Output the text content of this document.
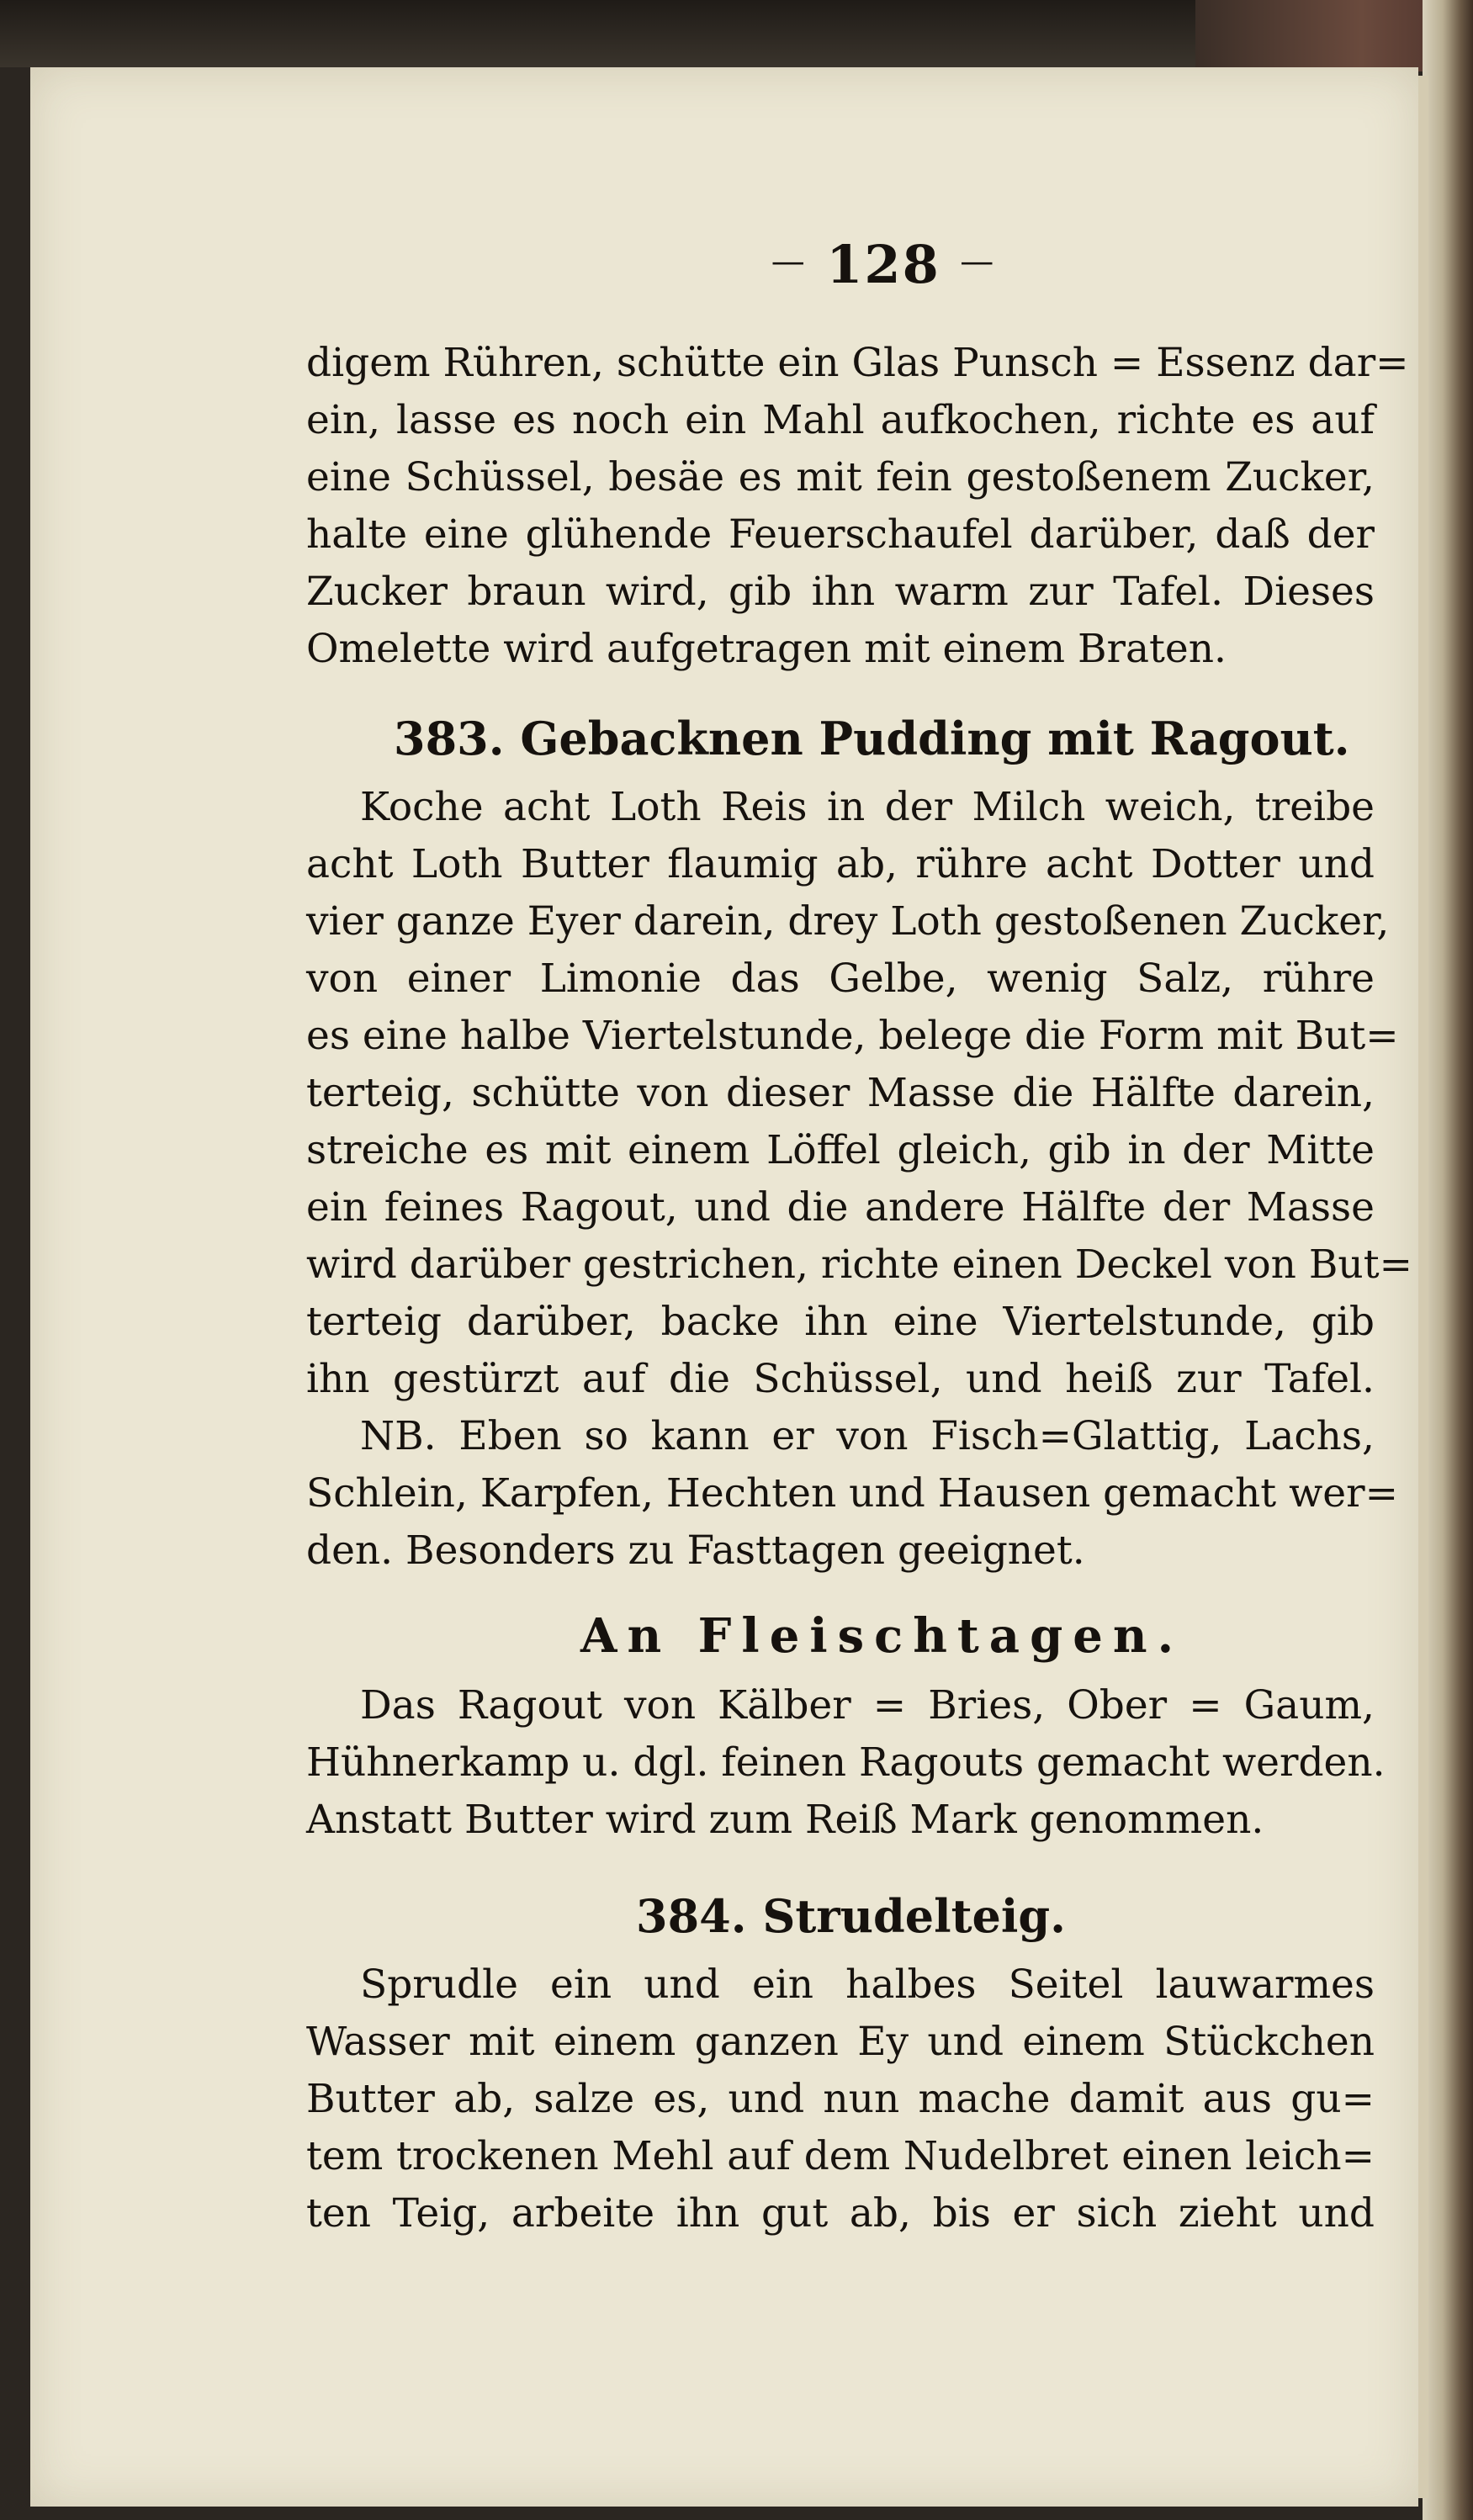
— 128 —
digem Rühren, schütte ein Glas Punsch = Essenz dar=
ein, lasse es noch ein Mahl aufkochen, richte es auf
eine Schüssel, besäe es mit fein gestoßenem Zucker,
halte eine glühende Feuerschaufel darüber, daß der
Zucker braun wird, gib ihn warm zur Tafel. Dieses
Omelette wird aufgetragen mit einem Braten.
383. Gebacknen Pudding mit Ragout.
Koche acht Loth Reis in der Milch weich, treibe
acht Loth Butter flaumig ab, rühre acht Dotter und
vier ganze Eyer darein, drey Loth gestoßenen Zucker,
von einer Limonie das Gelbe, wenig Salz, rühre
es eine halbe Viertelstunde, belege die Form mit But=
terteig, schütte von dieser Masse die Hälfte darein,
streiche es mit einem Löffel gleich, gib in der Mitte
ein feines Ragout, und die andere Hälfte der Masse
wird darüber gestrichen, richte einen Deckel von But=
terteig darüber, backe ihn eine Viertelstunde, gib
ihn gestürzt auf die Schüssel, und heiß zur Tafel.
NB. Eben so kann er von Fisch=Glattig, Lachs,
Schlein, Karpfen, Hechten und Hausen gemacht wer=
den. Besonders zu Fasttagen geeignet.
An Fleischtagen.
Das Ragout von Kälber = Bries, Ober = Gaum,
Hühnerkamp u. dgl. feinen Ragouts gemacht werden.
Anstatt Butter wird zum Reiß Mark genommen.
384. Strudelteig.
Sprudle ein und ein halbes Seitel lauwarmes
Wasser mit einem ganzen Ey und einem Stückchen
Butter ab, salze es, und nun mache damit aus gu=
tem trockenen Mehl auf dem Nudelbret einen leich=
ten Teig, arbeite ihn gut ab, bis er sich zieht und
